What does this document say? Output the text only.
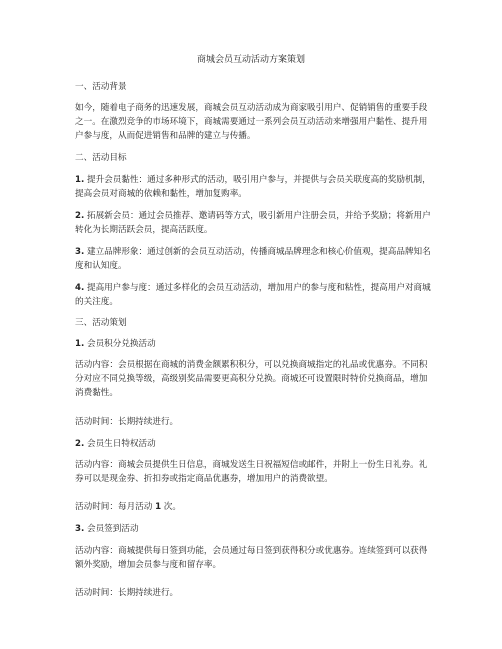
商城会员互动活动方案策划
一、活动背景
如今，随着电子商务的迅速发展，商城会员互动活动成为商家吸引用户、促销销售的重要手段之一。在激烈竞争的市场环境下，商城需要通过一系列会员互动活动来增强用户黏性、提升用户参与度，从而促进销售和品牌的建立与传播。
二、活动目标
1. 提升会员黏性：通过多种形式的活动，吸引用户参与，并提供与会员关联度高的奖励机制，提高会员对商城的依赖和黏性，增加复购率。
2. 拓展新会员：通过会员推荐、邀请码等方式，吸引新用户注册会员，并给予奖励；将新用户转化为长期活跃会员，提高活跃度。
3. 建立品牌形象：通过创新的会员互动活动，传播商城品牌理念和核心价值观，提高品牌知名度和认知度。
4. 提高用户参与度：通过多样化的会员互动活动，增加用户的参与度和粘性，提高用户对商城的关注度。
三、活动策划
1. 会员积分兑换活动
活动内容：会员根据在商城的消费金额累积积分，可以兑换商城指定的礼品或优惠券。不同积分对应不同兑换等级，高级别奖品需要更高积分兑换。商城还可设置限时特价兑换商品，增加消费黏性。
活动时间：长期持续进行。
2. 会员生日特权活动
活动内容：商城会员提供生日信息，商城发送生日祝福短信或邮件，并附上一份生日礼券。礼券可以是现金券、折扣券或指定商品优惠券，增加用户的消费欲望。
活动时间：每月活动 1 次。
3. 会员签到活动
活动内容：商城提供每日签到功能，会员通过每日签到获得积分或优惠券。连续签到可以获得额外奖励，增加会员参与度和留存率。
活动时间：长期持续进行。
